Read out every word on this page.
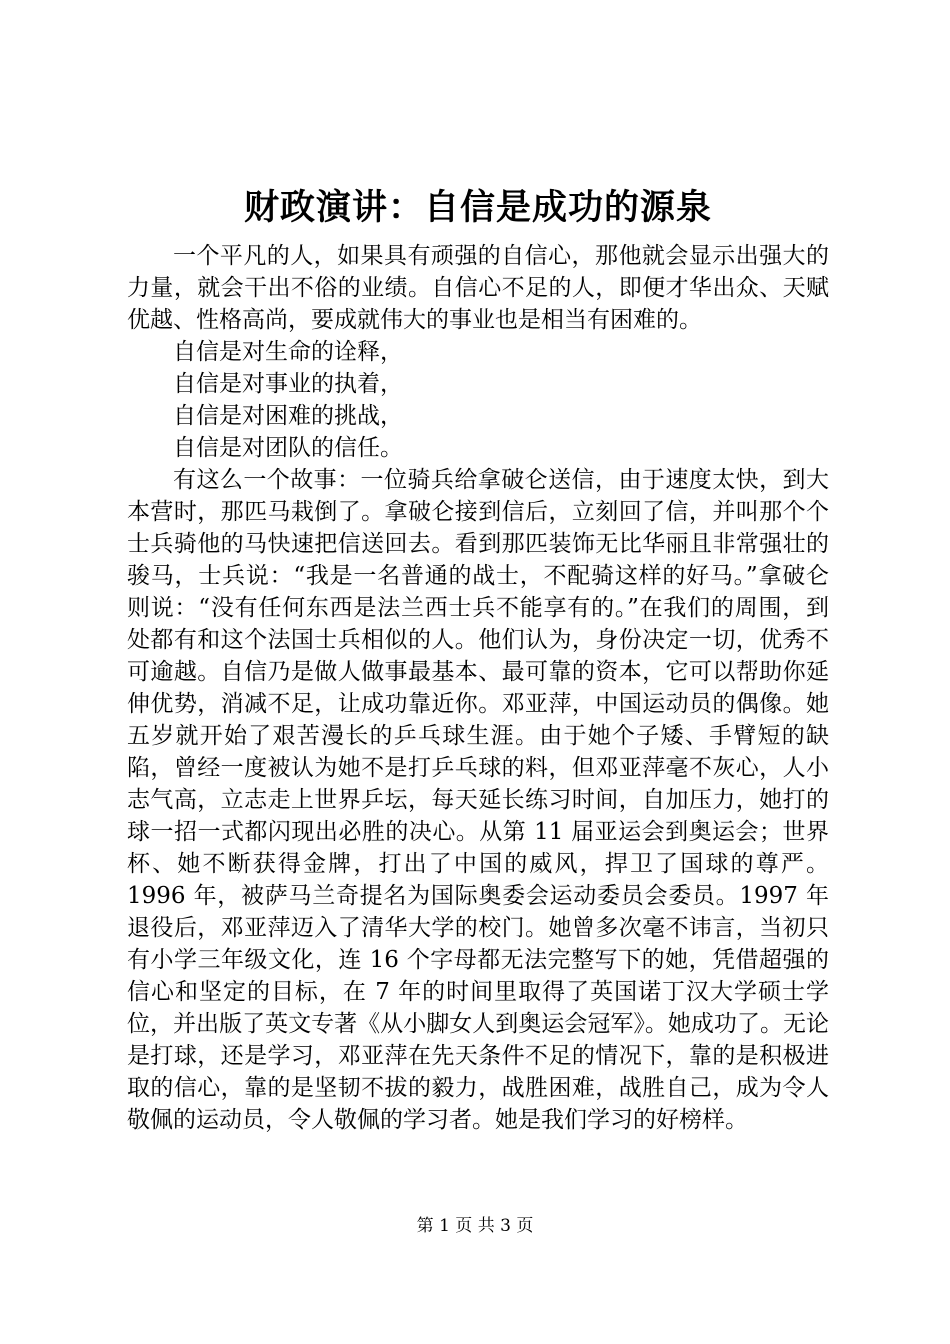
财政演讲：自信是成功的源泉

一个平凡的人，如果具有顽强的自信心，那他就会显示出强大的力量，就会干出不俗的业绩。自信心不足的人，即便才华出众、天赋优越、性格高尚，要成就伟大的事业也是相当有困难的。

自信是对生命的诠释，

自信是对事业的执着，

自信是对困难的挑战，

自信是对团队的信任。

有这么一个故事：一位骑兵给拿破仑送信，由于速度太快，到大本营时，那匹马栽倒了。拿破仑接到信后，立刻回了信，并叫那个个士兵骑他的马快速把信送回去。看到那匹装饰无比华丽且非常强壮的骏马，士兵说：“我是一名普通的战士，不配骑这样的好马。”拿破仑则说：“没有任何东西是法兰西士兵不能享有的。”在我们的周围，到处都有和这个法国士兵相似的人。他们认为，身份决定一切，优秀不可逾越。自信乃是做人做事最基本、最可靠的资本，它可以帮助你延伸优势，消减不足，让成功靠近你。邓亚萍，中国运动员的偶像。她五岁就开始了艰苦漫长的乒乓球生涯。由于她个子矮、手臂短的缺陷，曾经一度被认为她不是打乒乓球的料，但邓亚萍毫不灰心，人小志气高，立志走上世界乒坛，每天延长练习时间，自加压力，她打的球一招一式都闪现出必胜的决心。从第 11 届亚运会到奥运会；世界杯、她不断获得金牌，打出了中国的威风，捍卫了国球的尊严。1996 年，被萨马兰奇提名为国际奥委会运动委员会委员。1997 年退役后，邓亚萍迈入了清华大学的校门。她曾多次毫不讳言，当初只有小学三年级文化，连 16 个字母都无法完整写下的她，凭借超强的信心和坚定的目标，在 7 年的时间里取得了英国诺丁汉大学硕士学位，并出版了英文专著《从小脚女人到奥运会冠军》。她成功了。无论是打球，还是学习，邓亚萍在先天条件不足的情况下，靠的是积极进取的信心，靠的是坚韧不拔的毅力，战胜困难，战胜自己，成为令人敬佩的运动员，令人敬佩的学习者。她是我们学习的好榜样。

第 1 页 共 3 页
